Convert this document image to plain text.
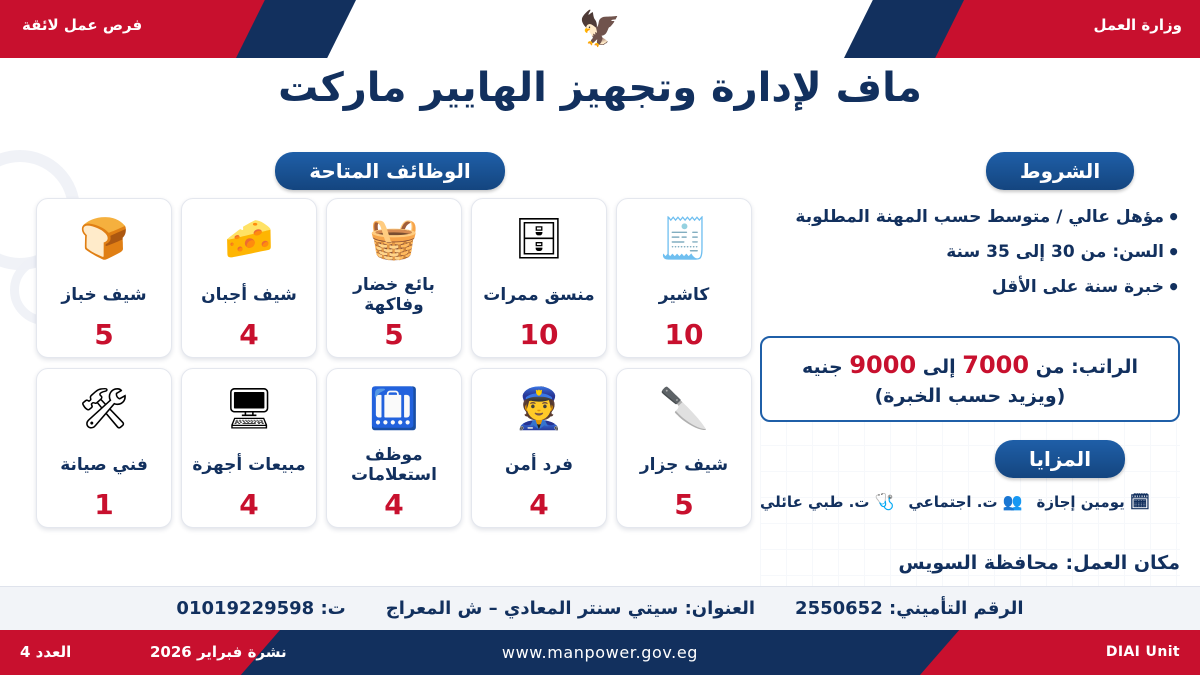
وزارة العمل
فرص عمل لائقة	🦅
ماف لإدارة وتجهيز الهايير ماركت
الوظائف المتاحة	الشروط
المزايا
🧾
كاشير
10
🗄
منسق ممرات
10
🧺
بائع خضار وفاكهة
5
🧀
شيف أجبان
4
🍞
شيف خباز
5
🔪
شيف جزار
5
👮
فرد أمن
4
🛄
موظف استعلامات
4
🖥
مبيعات أجهزة
4
🛠
فني صيانة
1
• مؤهل عالي / متوسط حسب المهنة المطلوبة
• السن: من 30 إلى 35 سنة
• خبرة سنة على الأقل
الراتب: من 7000 إلى 9000 جنيه
(ويزيد حسب الخبرة)
🩺
ت. طبي عائلي	👥
ت. اجتماعي	🗓
يومين إجازة
مكان العمل: محافظة السويس
الرقم التأميني: 2550652
العنوان: سيتي سنتر المعادي – ش المعراج
ت: 01019229598
العدد 4	نشرة فبراير 2026	www.manpower.gov.eg	DIAI Unit
